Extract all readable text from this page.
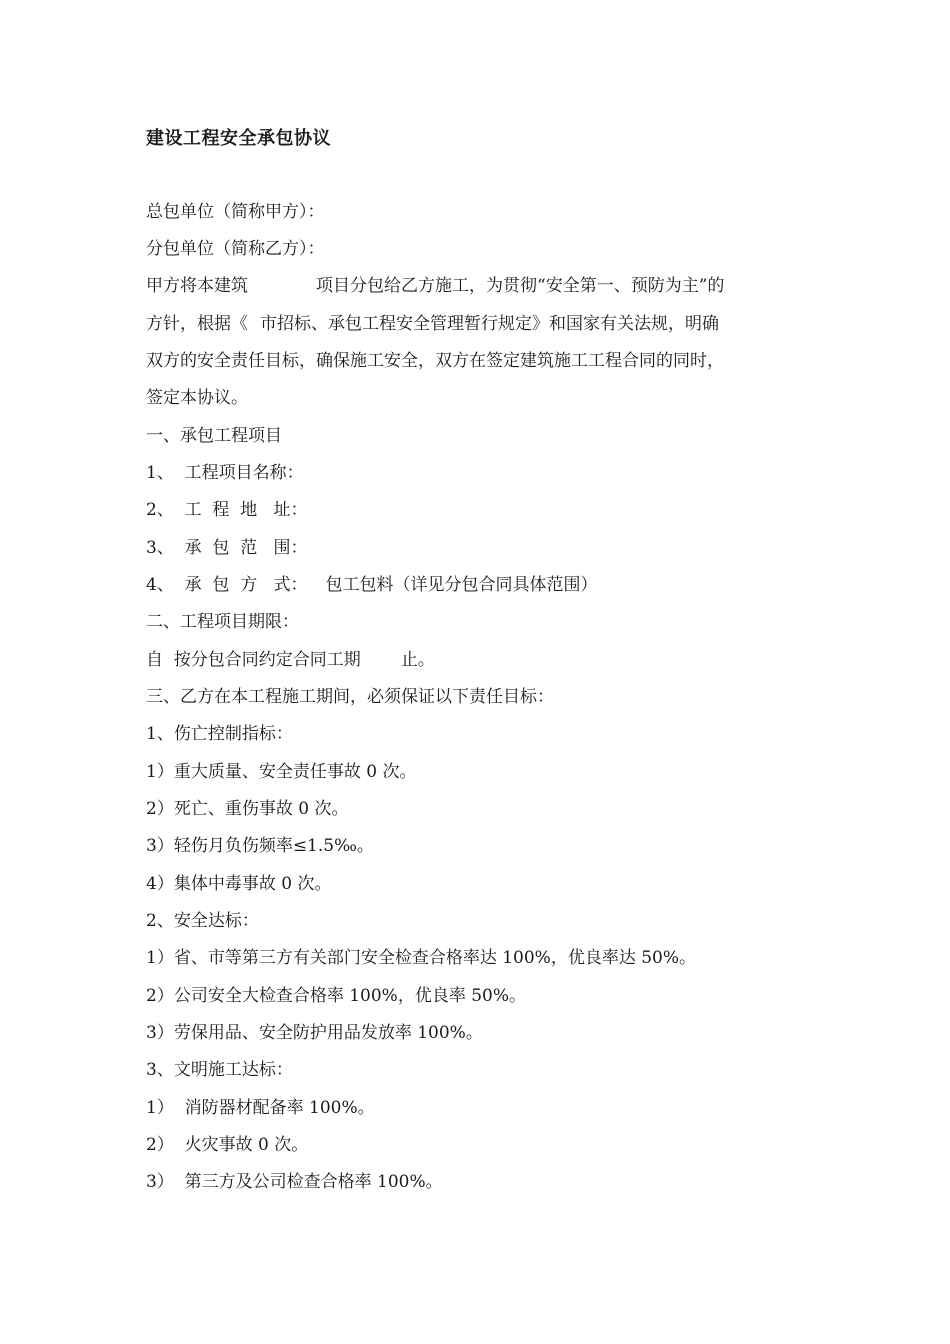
建设工程安全承包协议
总包单位（简称甲方）：
分包单位（简称乙方）：
甲方将本建筑	项目分包给乙方施工，为贯彻“安全第一、预防为主”的
方针，根据《 市招标、承包工程安全管理暂行规定》和国家有关法规，明确
双方的安全责任目标，确保施工安全，双方在签定建筑施工工程合同的同时，
签定本协议。
一、承包工程项目
1、  工程项目名称：
2、  工  程  地   址：
3、  承  包  范   围：
4、  承  包  方   式： 包工包料（详见分包合同具体范围）
二、工程项目期限：
自  按分包合同约定合同工期 止。
三、乙方在本工程施工期间，必须保证以下责任目标：
1、伤亡控制指标：
1）重大质量、安全责任事故 0 次。
2）死亡、重伤事故 0 次。
3）轻伤月负伤频率≤1.5‰。
4）集体中毒事故 0 次。
2、安全达标：
1）省、市等第三方有关部门安全检查合格率达 100%，优良率达 50%。
2）公司安全大检查合格率 100%，优良率 50%。
3）劳保用品、安全防护用品发放率 100%。
3、文明施工达标：
1）  消防器材配备率 100%。
2）  火灾事故 0 次。
3）  第三方及公司检查合格率 100%。
